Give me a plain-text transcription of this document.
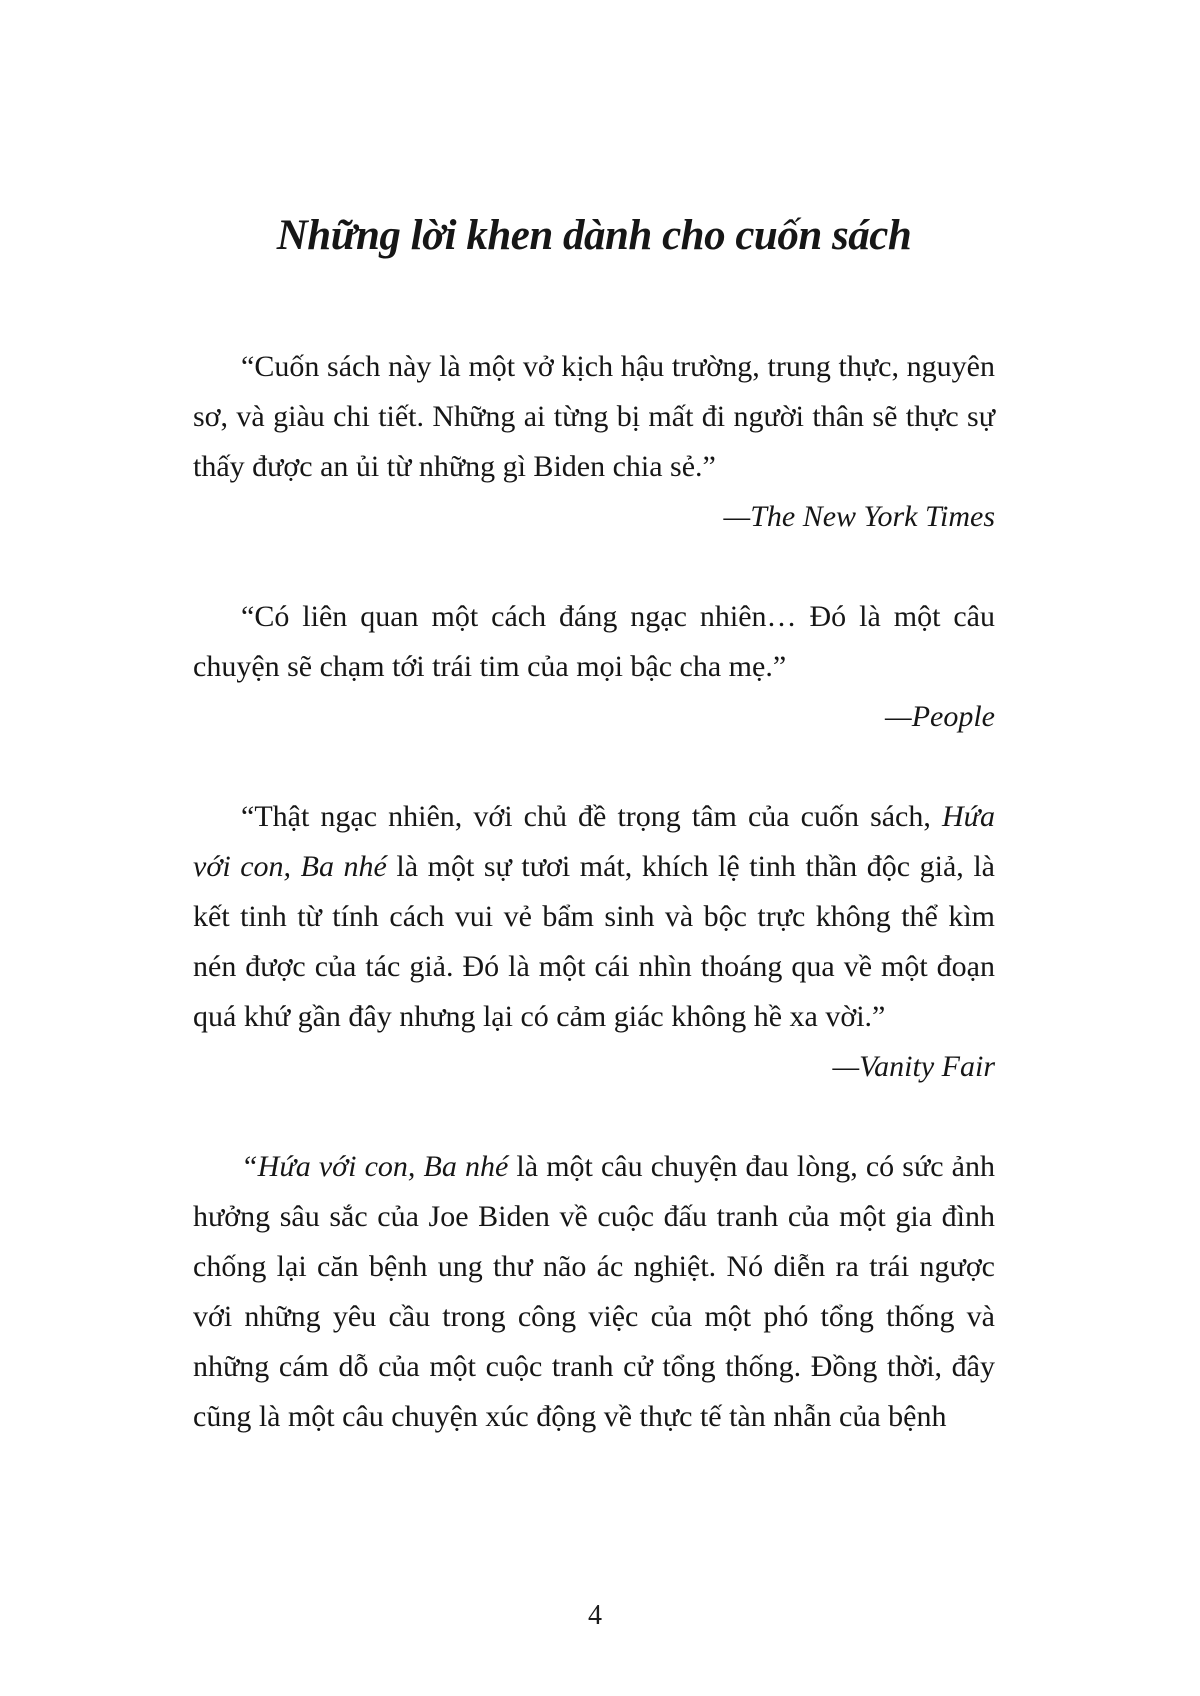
Những lời khen dành cho cuốn sách

“Cuốn sách này là một vở kịch hậu trường, trung thực, nguyên sơ, và giàu chi tiết. Những ai từng bị mất đi người thân sẽ thực sự thấy được an ủi từ những gì Biden chia sẻ.”

—The New York Times

“Có liên quan một cách đáng ngạc nhiên… Đó là một câu chuyện sẽ chạm tới trái tim của mọi bậc cha mẹ.”

—People

“Thật ngạc nhiên, với chủ đề trọng tâm của cuốn sách, Hứa với con, Ba nhé là một sự tươi mát, khích lệ tinh thần độc giả, là kết tinh từ tính cách vui vẻ bẩm sinh và bộc trực không thể kìm nén được của tác giả. Đó là một cái nhìn thoáng qua về một đoạn quá khứ gần đây nhưng lại có cảm giác không hề xa vời.”

—Vanity Fair

“Hứa với con, Ba nhé là một câu chuyện đau lòng, có sức ảnh hưởng sâu sắc của Joe Biden về cuộc đấu tranh của một gia đình chống lại căn bệnh ung thư não ác nghiệt. Nó diễn ra trái ngược với những yêu cầu trong công việc của một phó tổng thống và những cám dỗ của một cuộc tranh cử tổng thống. Đồng thời, đây cũng là một câu chuyện xúc động về thực tế tàn nhẫn của bệnh

4
